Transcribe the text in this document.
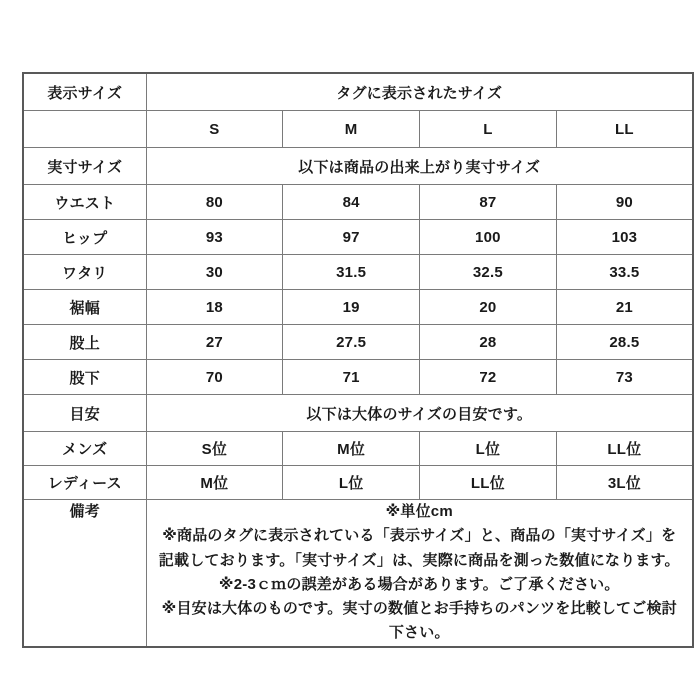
表示サイズ	タグに表示されたサイズ			
	S	M	L	LL
実寸サイズ	以下は商品の出来上がり実寸サイズ			
ウエスト	80	84	87	90
ヒップ	93	97	100	103
ワタリ	30	31.5	32.5	33.5
裾幅	18	19	20	21
股上	27	27.5	28	28.5
股下	70	71	72	73
目安	以下は大体のサイズの目安です。			
メンズ	S位	M位	L位	LL位
レディース	M位	L位	LL位	3L位
備考	※単位cm
※商品のタグに表示されている「表示サイズ」と、商品の「実寸サイズ」を
記載しております。「実寸サイズ」は、実際に商品を測った数値になります。
※2-3ｃｍの誤差がある場合があります。ご了承ください。
※目安は大体のものです。実寸の数値とお手持ちのパンツを比較してご検討
下さい。
